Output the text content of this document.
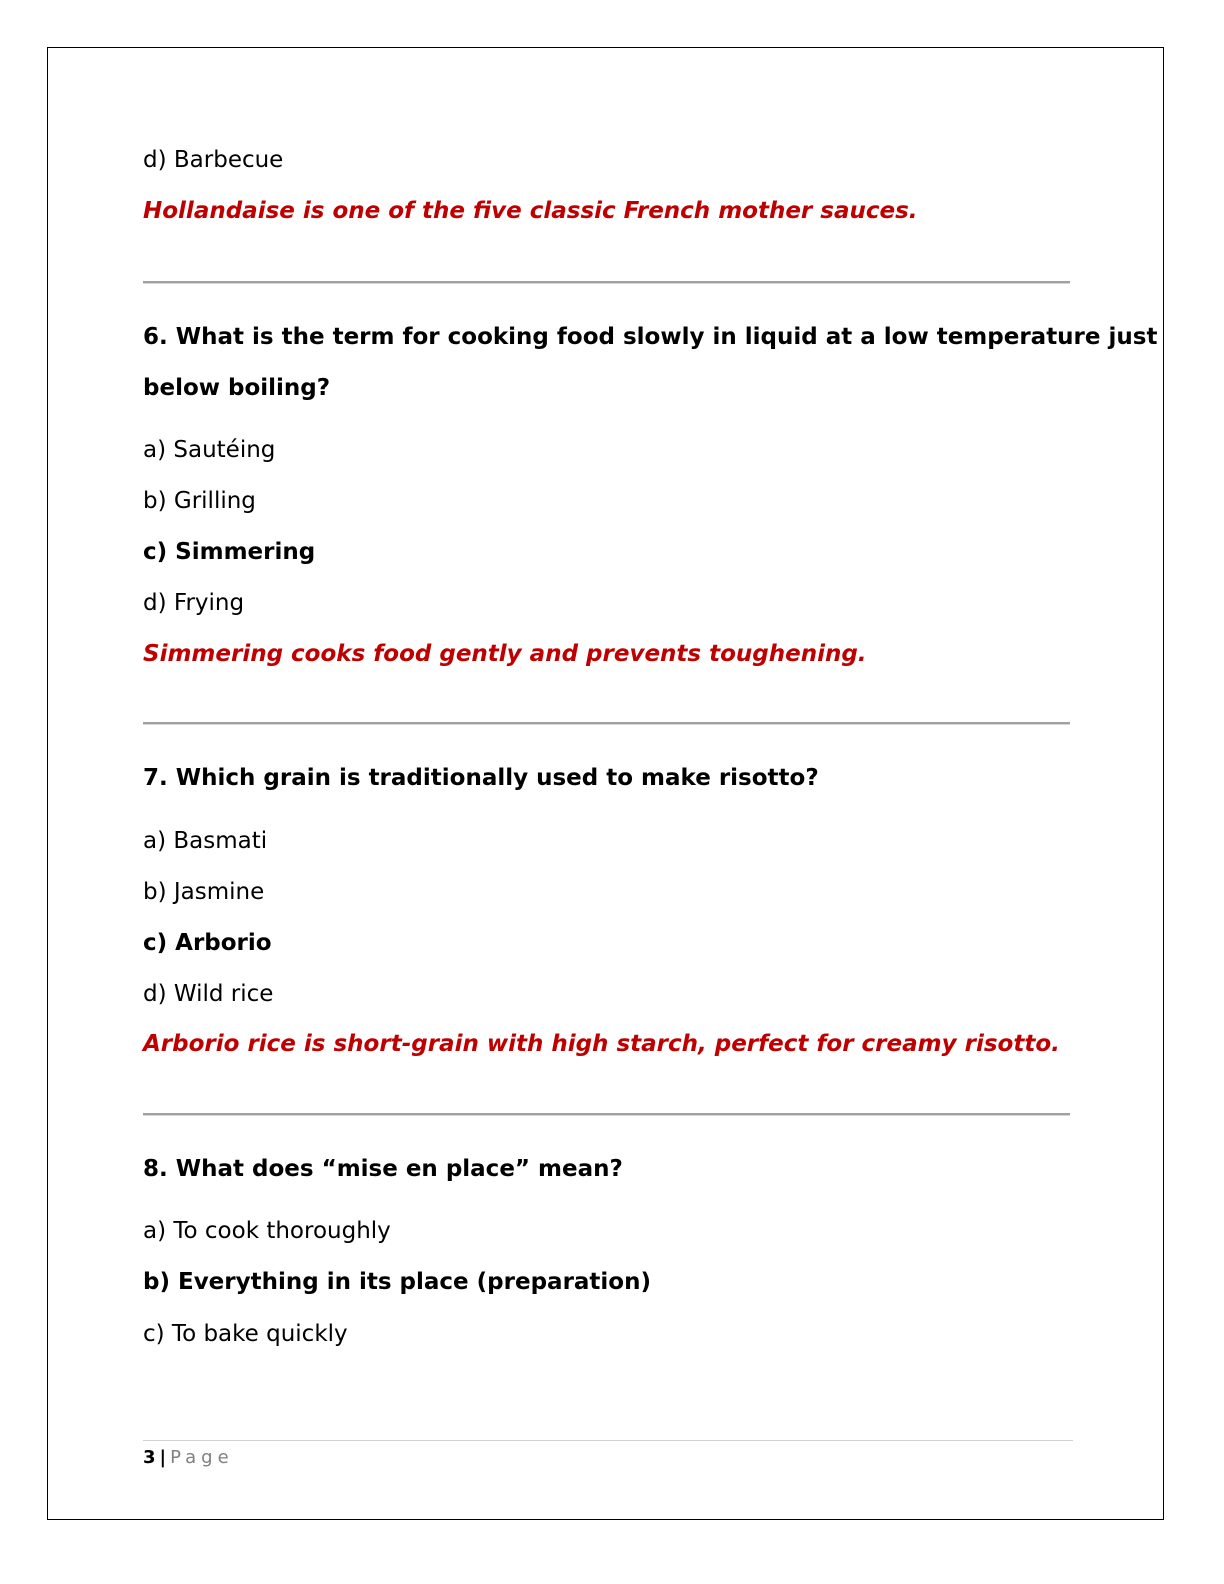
d) Barbecue
Hollandaise is one of the five classic French mother sauces.
6. What is the term for cooking food slowly in liquid at a low temperature just
below boiling?
a) Sautéing
b) Grilling
c) Simmering
d) Frying
Simmering cooks food gently and prevents toughening.
7. Which grain is traditionally used to make risotto?
a) Basmati
b) Jasmine
c) Arborio
d) Wild rice
Arborio rice is short-grain with high starch, perfect for creamy risotto.
8. What does “mise en place” mean?
a) To cook thoroughly
b) Everything in its place (preparation)
c) To bake quickly
3 | Page
